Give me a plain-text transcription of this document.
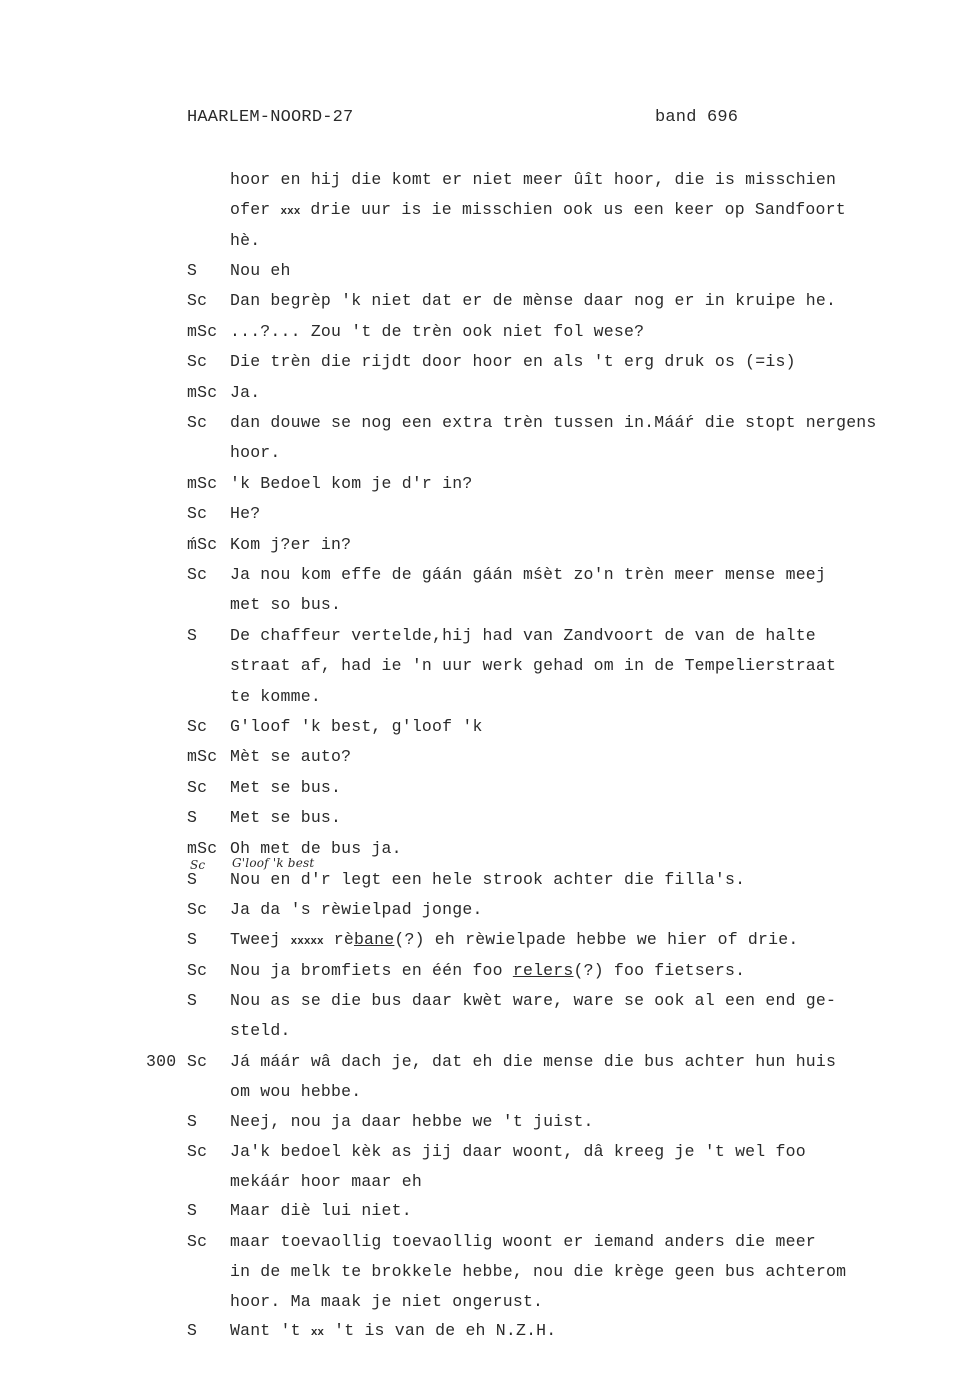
HAARLEM-NOORD-27	band 696
hoor en hij die komt er niet meer ûît hoor, die is misschien
ofer xxx drie uur is ie misschien ook us een keer op Sandfoort
hè.
S Nou eh
Sc Dan begrèp 'k niet dat er de mènse daar nog er in kruipe he.
mSc ...?... Zou 't de trèn ook niet fol wese?
Sc Die trèn die rijdt door hoor en als 't erg druk os (=is)
mSc Ja.
Sc dan douwe se nog een extra trèn tussen in.Mááŕ die stopt nergens
hoor.
mSc 'k Bedoel kom je d'r in?
Sc He?
ḿSc Kom j?er in?
Sc Ja nou kom effe de gáán gáán mśèt zo'n trèn meer mense meej
met so bus.
S De chaffeur vertelde,hij had van Zandvoort de van de halte
straat af, had ie 'n uur werk gehad om in de Tempelierstraat
te komme.
Sc G'loof 'k best, g'loof 'k
mSc Mèt se auto?
Sc Met se bus.
S Met se bus.
mSc Oh met de bus ja.
S Nou en d'r legt een hele strook achter die filla's.
Sc Ja da 's rèwielpad jonge.
S Tweej xxxxx rèbane(?) eh rèwielpade hebbe we hier of drie.
Sc Nou ja bromfiets en één foo relers(?) foo fietsers.
S Nou as se die bus daar kwèt ware, ware se ook al een end ge-
steld.
300 Sc Já máár wâ dach je, dat eh die mense die bus achter hun huis
om wou hebbe.
S Neej, nou ja daar hebbe we 't juist.
Sc Ja'k bedoel kèk as jij daar woont, dâ kreeg je 't wel foo
mekáár hoor maar eh
S Maar diè lui niet.
Sc maar toevaollig toevaollig woont er iemand anders die meer
in de melk te brokkele hebbe, nou die krège geen bus achterom
hoor. Ma maak je niet ongerust.
S Want 't xx 't is van de eh N.Z.H.
Sc G'loof 'k best
